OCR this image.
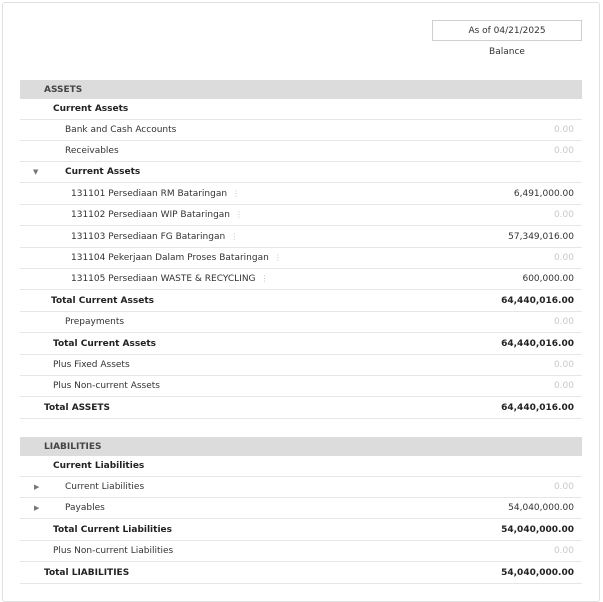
As of 04/21/2025
Balance
ASSETS
Current Assets
Bank and Cash Accounts	0.00
Receivables	0.00
▼	Current Assets
131101 Persediaan RM Bataringan ⋮	6,491,000.00
131102 Persediaan WIP Bataringan ⋮	0.00
131103 Persediaan FG Bataringan ⋮	57,349,016.00
131104 Pekerjaan Dalam Proses Bataringan ⋮	0.00
131105 Persediaan WASTE & RECYCLING ⋮	600,000.00
Total Current Assets	64,440,016.00
Prepayments	0.00
Total Current Assets	64,440,016.00
Plus Fixed Assets	0.00
Plus Non-current Assets	0.00
Total ASSETS	64,440,016.00
LIABILITIES
Current Liabilities
▶	Current Liabilities	0.00
▶	Payables	54,040,000.00
Total Current Liabilities	54,040,000.00
Plus Non-current Liabilities	0.00
Total LIABILITIES	54,040,000.00
